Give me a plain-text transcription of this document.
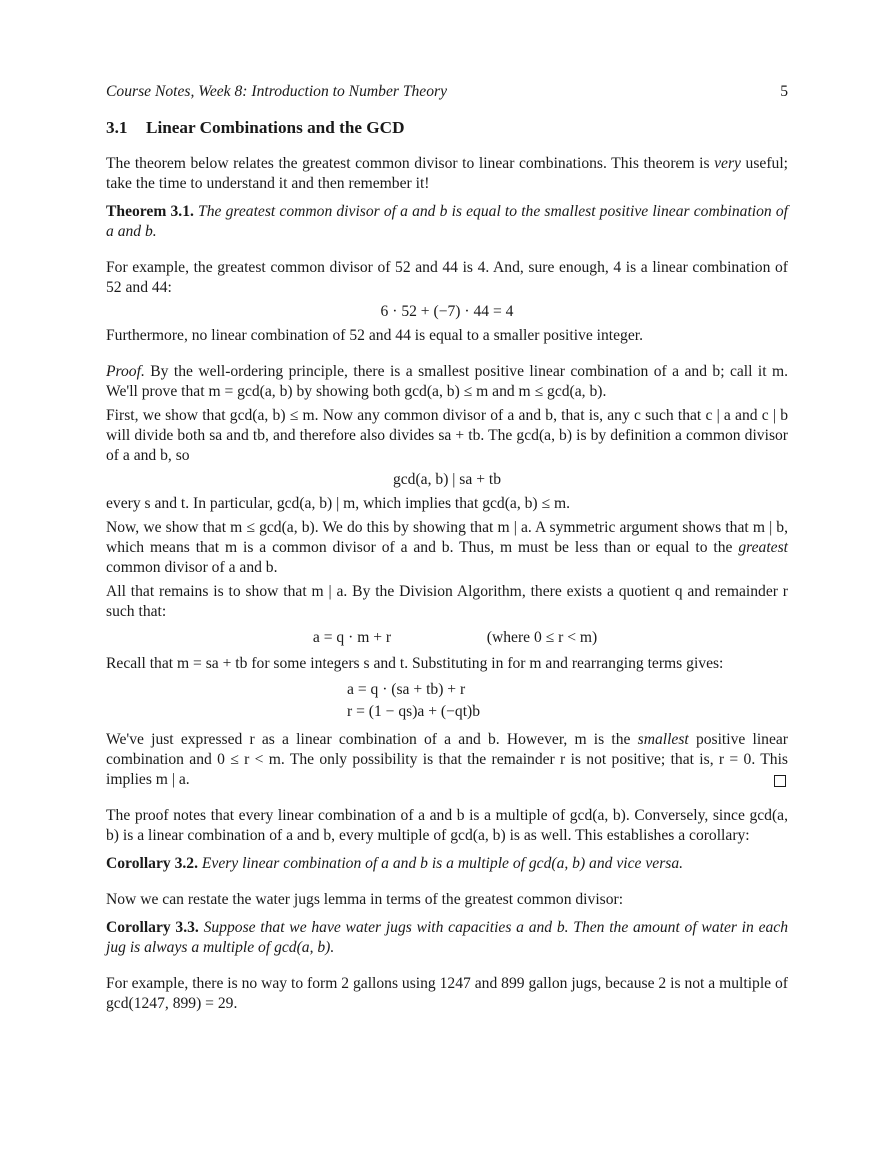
Course Notes, Week 8: Introduction to Number Theory	5
3.1 Linear Combinations and the GCD

The theorem below relates the greatest common divisor to linear combinations. This theorem is very useful; take the time to understand it and then remember it!

Theorem 3.1. The greatest common divisor of a and b is equal to the smallest positive linear combination of a and b.

For example, the greatest common divisor of 52 and 44 is 4. And, sure enough, 4 is a linear combination of 52 and 44:

6 · 52 + (−7) · 44 = 4

Furthermore, no linear combination of 52 and 44 is equal to a smaller positive integer.

Proof. By the well-ordering principle, there is a smallest positive linear combination of a and b; call it m. We'll prove that m = gcd(a, b) by showing both gcd(a, b) ≤ m and m ≤ gcd(a, b).

First, we show that gcd(a, b) ≤ m. Now any common divisor of a and b, that is, any c such that c | a and c | b will divide both sa and tb, and therefore also divides sa + tb. The gcd(a, b) is by definition a common divisor of a and b, so

gcd(a, b) | sa + tb

every s and t. In particular, gcd(a, b) | m, which implies that gcd(a, b) ≤ m.

Now, we show that m ≤ gcd(a, b). We do this by showing that m | a. A symmetric argument shows that m | b, which means that m is a common divisor of a and b. Thus, m must be less than or equal to the greatest common divisor of a and b.

All that remains is to show that m | a. By the Division Algorithm, there exists a quotient q and remainder r such that:

a = q · m + r	(where 0 ≤ r < m)

Recall that m = sa + tb for some integers s and t. Substituting in for m and rearranging terms gives:

a = q · (sa + tb) + r
r = (1 − qs)a + (−qt)b

We've just expressed r as a linear combination of a and b. However, m is the smallest positive linear combination and 0 ≤ r < m. The only possibility is that the remainder r is not positive; that is, r = 0. This implies m | a.

The proof notes that every linear combination of a and b is a multiple of gcd(a, b). Conversely, since gcd(a, b) is a linear combination of a and b, every multiple of gcd(a, b) is as well. This establishes a corollary:

Corollary 3.2. Every linear combination of a and b is a multiple of gcd(a, b) and vice versa.

Now we can restate the water jugs lemma in terms of the greatest common divisor:

Corollary 3.3. Suppose that we have water jugs with capacities a and b. Then the amount of water in each jug is always a multiple of gcd(a, b).

For example, there is no way to form 2 gallons using 1247 and 899 gallon jugs, because 2 is not a multiple of gcd(1247, 899) = 29.
